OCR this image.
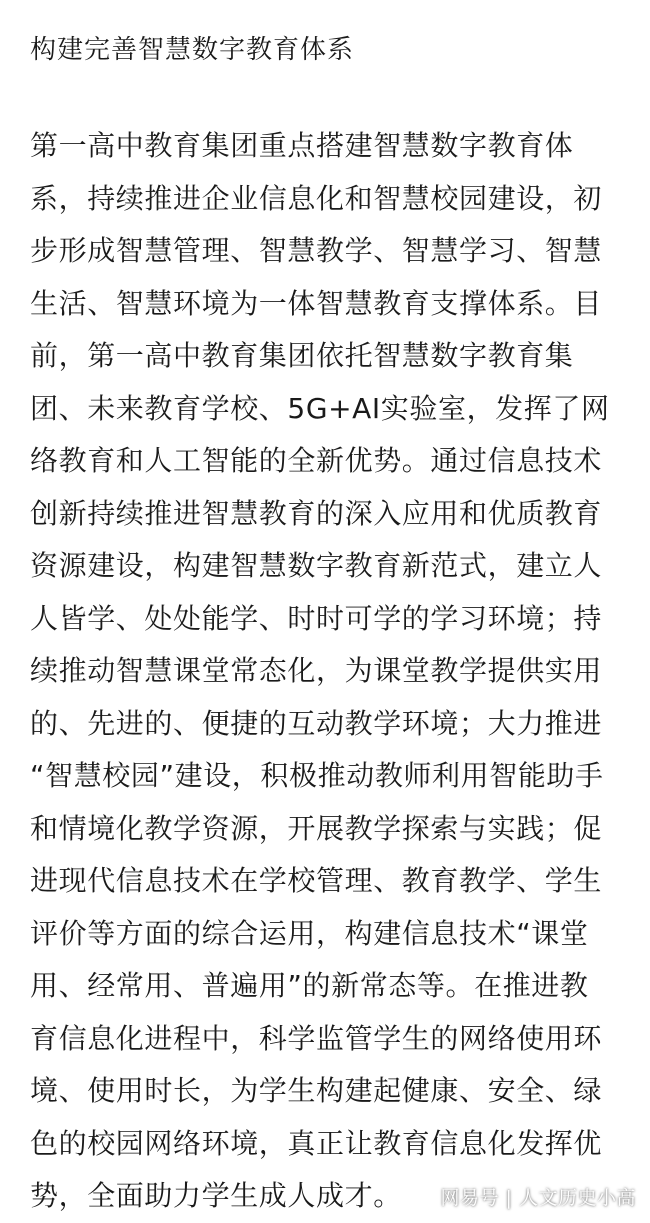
构建完善智慧数字教育体系
第一高中教育集团重点搭建智慧数字教育体
系，持续推进企业信息化和智慧校园建设，初
步形成智慧管理、智慧教学、智慧学习、智慧
生活、智慧环境为一体智慧教育支撑体系。目
前，第一高中教育集团依托智慧数字教育集
团、未来教育学校、5G+AI实验室，发挥了网
络教育和人工智能的全新优势。通过信息技术
创新持续推进智慧教育的深入应用和优质教育
资源建设，构建智慧数字教育新范式，建立人
人皆学、处处能学、时时可学的学习环境；持
续推动智慧课堂常态化，为课堂教学提供实用
的、先进的、便捷的互动教学环境；大力推进
“智慧校园”建设，积极推动教师利用智能助手
和情境化教学资源，开展教学探索与实践；促
进现代信息技术在学校管理、教育教学、学生
评价等方面的综合运用，构建信息技术“课堂
用、经常用、普遍用”的新常态等。在推进教
育信息化进程中，科学监管学生的网络使用环
境、使用时长，为学生构建起健康、安全、绿
色的校园网络环境，真正让教育信息化发挥优
势，全面助力学生成人成才。	网易号 | 人文历史小高
